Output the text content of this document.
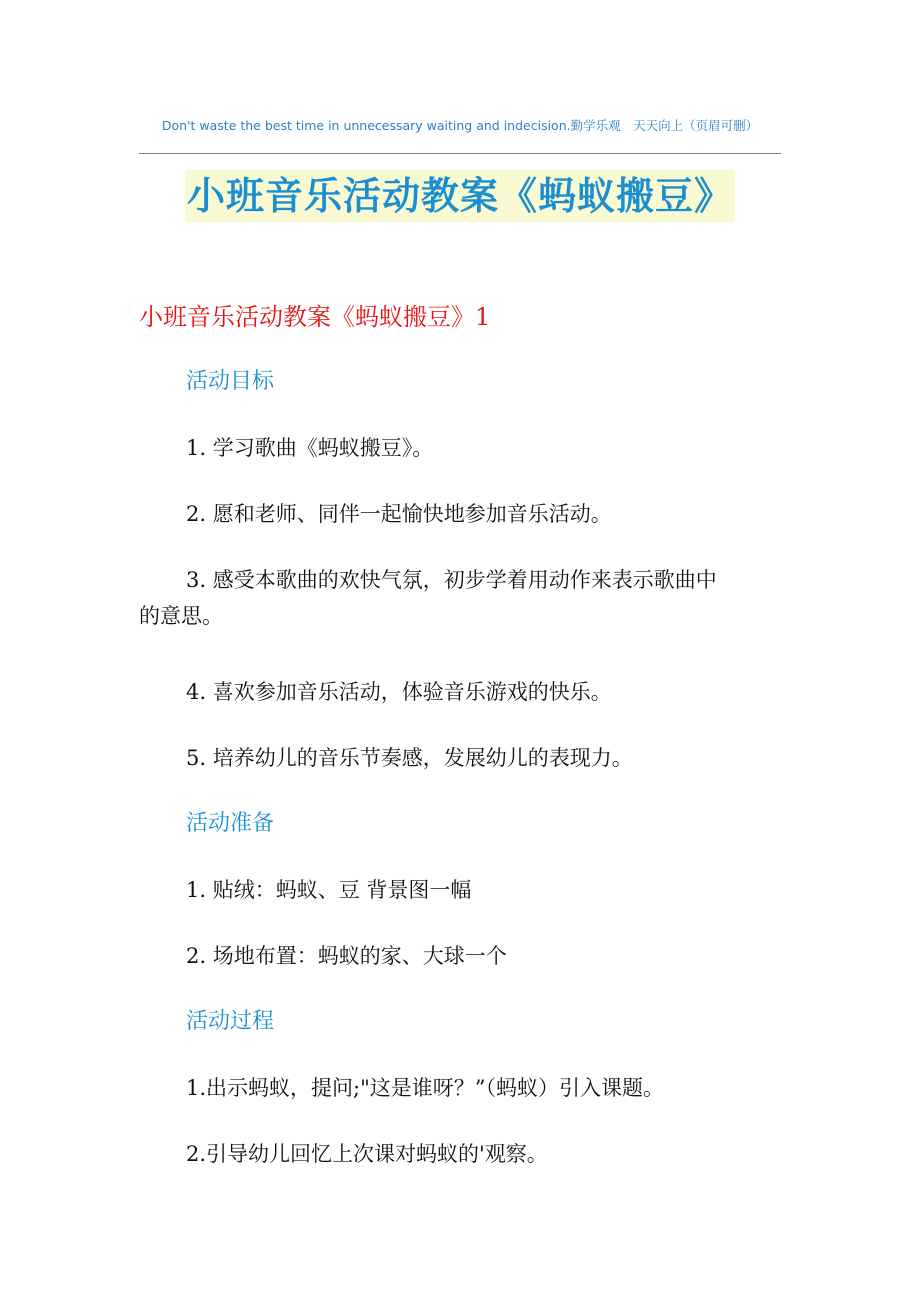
Don't waste the best time in unnecessary waiting and indecision.勤学乐观　天天向上（页眉可删）
小班音乐活动教案《蚂蚁搬豆》
小班音乐活动教案《蚂蚁搬豆》1
活动目标
1. 学习歌曲《蚂蚁搬豆》。
2. 愿和老师、同伴一起愉快地参加音乐活动。
3. 感受本歌曲的欢快气氛，初步学着用动作来表示歌曲中
的意思。
4. 喜欢参加音乐活动，体验音乐游戏的快乐。
5. 培养幼儿的音乐节奏感，发展幼儿的表现力。
活动准备
1. 贴绒：蚂蚁、豆 背景图一幅
2. 场地布置：蚂蚁的家、大球一个
活动过程
1.出示蚂蚁，提问;"这是谁呀？”（蚂蚁）引入课题。
2.引导幼儿回忆上次课对蚂蚁的'观察。
